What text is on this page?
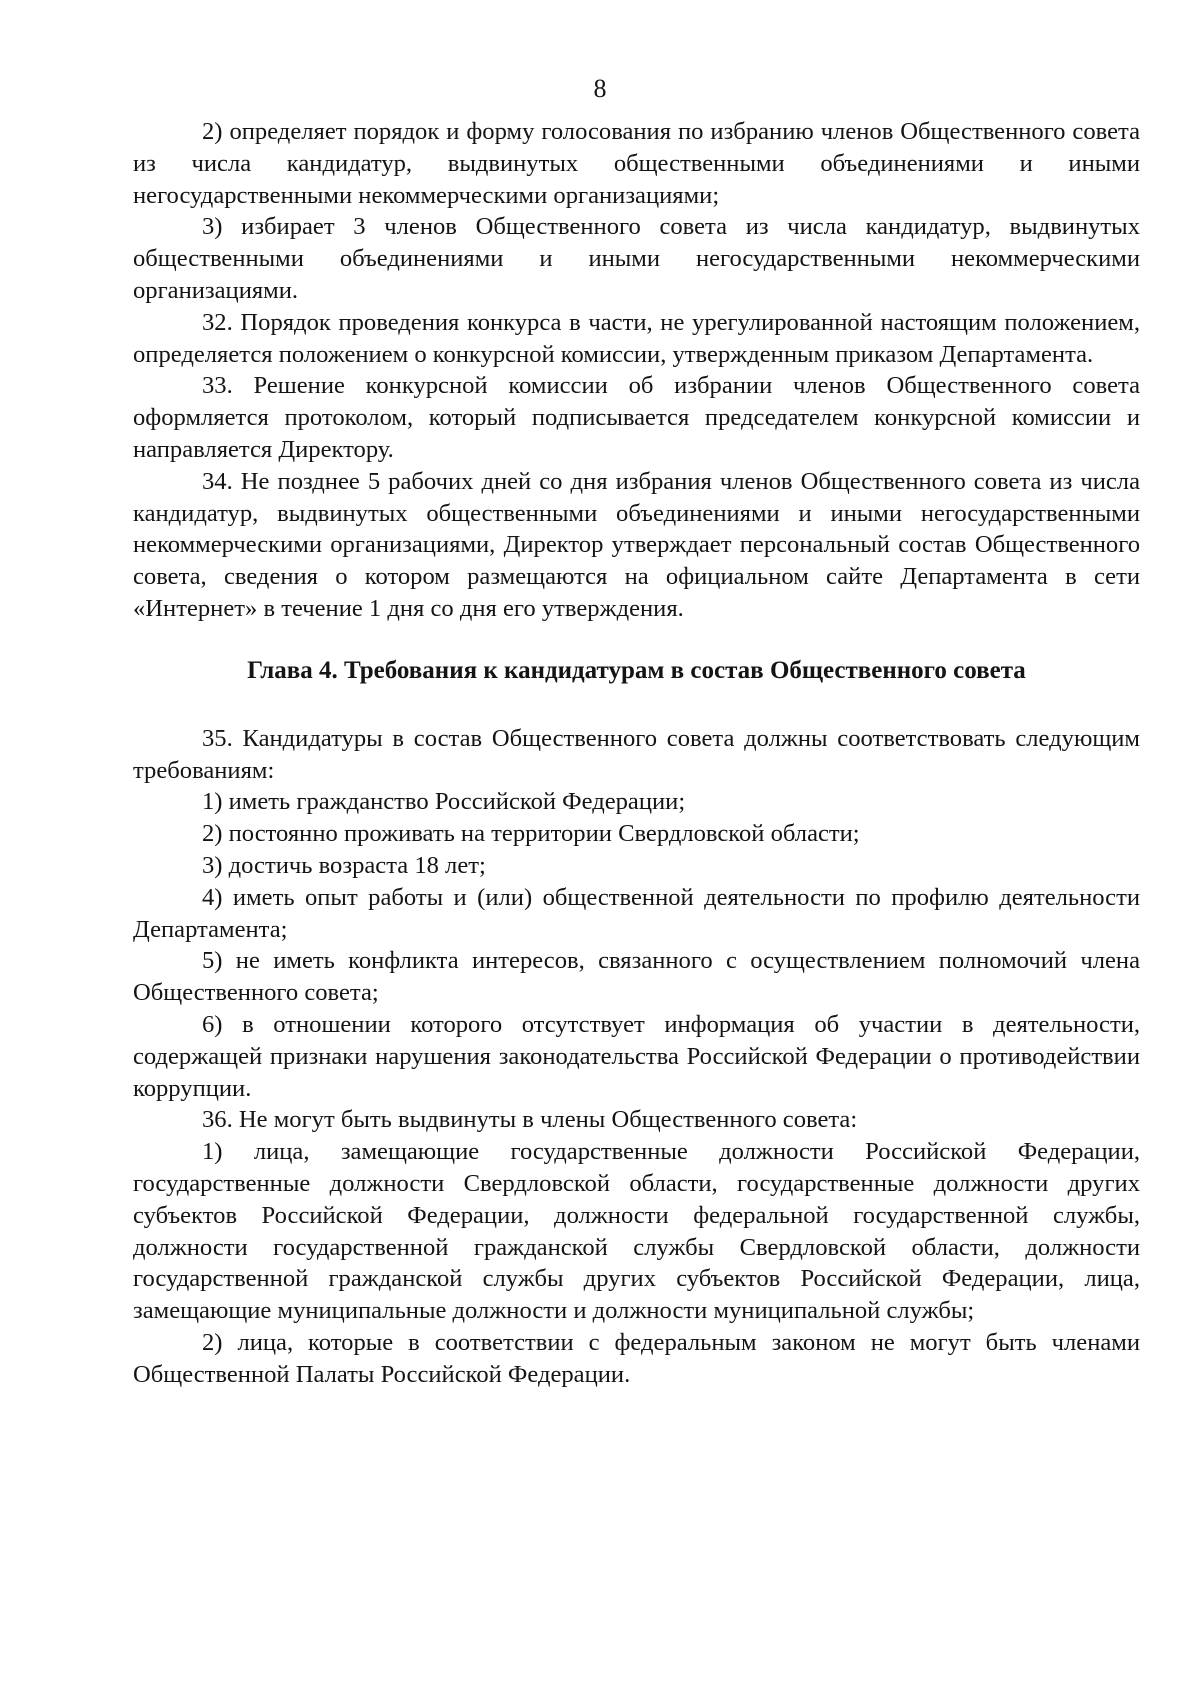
8

2) определяет порядок и форму голосования по избранию членов Общественного совета из числа кандидатур, выдвинутых общественными объединениями и иными негосударственными некоммерческими организациями;

3) избирает 3 членов Общественного совета из числа кандидатур, выдвинутых общественными объединениями и иными негосударственными некоммерческими организациями.

32. Порядок проведения конкурса в части, не урегулированной настоящим положением, определяется положением о конкурсной комиссии, утвержденным приказом Департамента.

33. Решение конкурсной комиссии об избрании членов Общественного совета оформляется протоколом, который подписывается председателем конкурсной комиссии и направляется Директору.

34. Не позднее 5 рабочих дней со дня избрания членов Общественного совета из числа кандидатур, выдвинутых общественными объединениями и иными негосударственными некоммерческими организациями, Директор утверждает персональный состав Общественного совета, сведения о котором размещаются на официальном сайте Департамента в сети «Интернет» в течение 1 дня со дня его утверждения.

Глава 4. Требования к кандидатурам в состав Общественного совета

35. Кандидатуры в состав Общественного совета должны соответствовать следующим требованиям:

1) иметь гражданство Российской Федерации;

2) постоянно проживать на территории Свердловской области;

3) достичь возраста 18 лет;

4) иметь опыт работы и (или) общественной деятельности по профилю деятельности Департамента;

5) не иметь конфликта интересов, связанного с осуществлением полномочий члена Общественного совета;

6) в отношении которого отсутствует информация об участии в деятельности, содержащей признаки нарушения законодательства Российской Федерации о противодействии коррупции.

36. Не могут быть выдвинуты в члены Общественного совета:

1) лица, замещающие государственные должности Российской Федерации, государственные должности Свердловской области, государственные должности других субъектов Российской Федерации, должности федеральной государственной службы, должности государственной гражданской службы Свердловской области, должности государственной гражданской службы других субъектов Российской Федерации, лица, замещающие муниципальные должности и должности муниципальной службы;

2) лица, которые в соответствии с федеральным законом не могут быть членами Общественной Палаты Российской Федерации.
